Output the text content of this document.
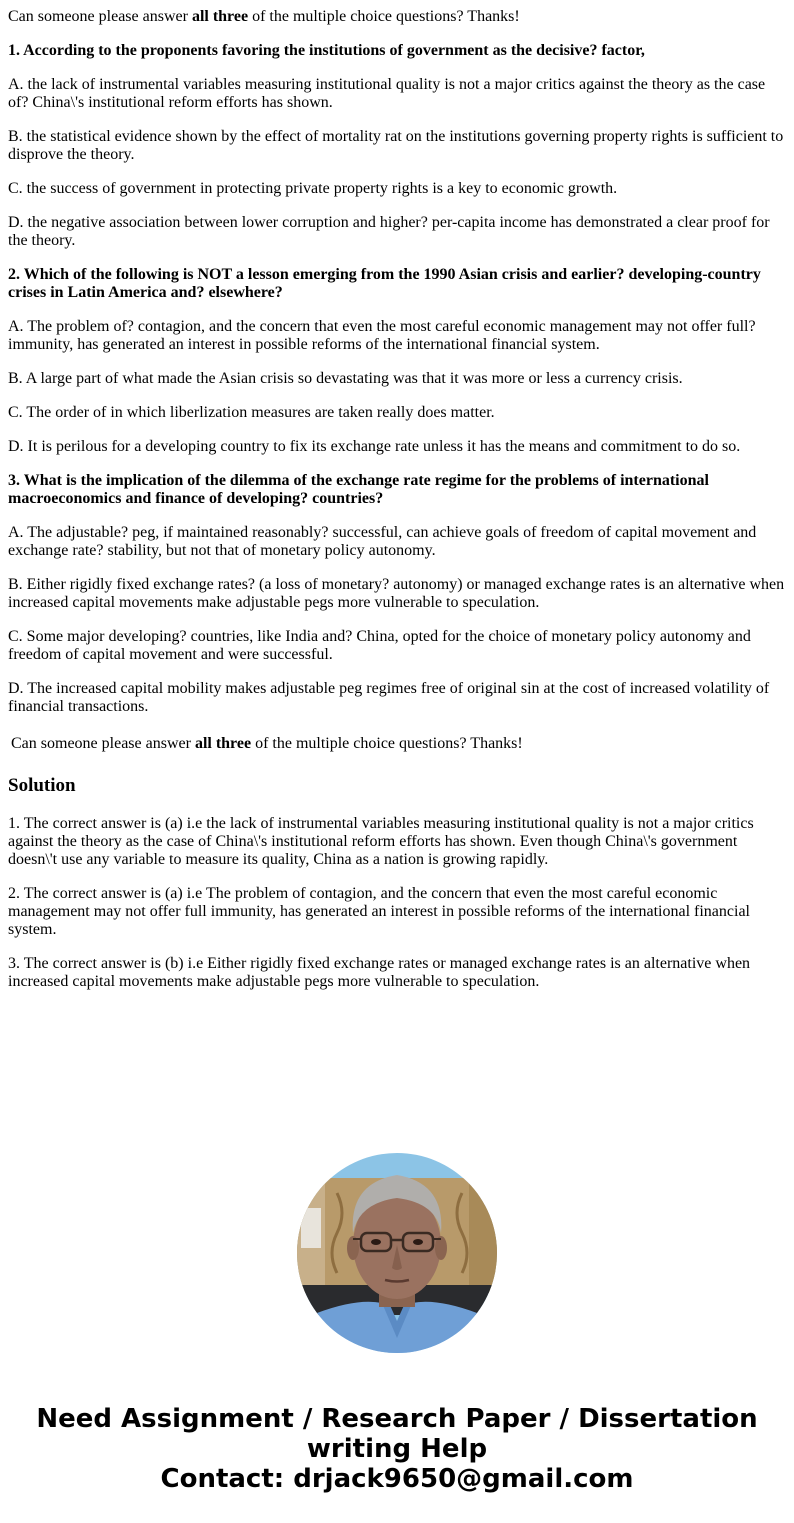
Can someone please answer all three of the multiple choice questions? Thanks!

1. According to the proponents favoring the institutions of government as the decisive? factor,

A. the lack of instrumental variables measuring institutional quality is not a major critics against the theory as the case of? China\'s institutional reform efforts has shown.

B. the statistical evidence shown by the effect of mortality rat on the institutions governing property rights is sufficient to disprove the theory.

C. the success of government in protecting private property rights is a key to economic growth.

D. the negative association between lower corruption and higher? per-capita income has demonstrated a clear proof for the theory.

2. Which of the following is NOT a lesson emerging from the 1990 Asian crisis and earlier? developing-country crises in Latin America and? elsewhere?

A. The problem of? contagion, and the concern that even the most careful economic management may not offer full? immunity, has generated an interest in possible reforms of the international financial system.

B. A large part of what made the Asian crisis so devastating was that it was more or less a currency crisis.

C. The order of in which liberlization measures are taken really does matter.

D. It is perilous for a developing country to fix its exchange rate unless it has the means and commitment to do so.

3. What is the implication of the dilemma of the exchange rate regime for the problems of international macroeconomics and finance of developing? countries?

A. The adjustable? peg, if maintained reasonably? successful, can achieve goals of freedom of capital movement and exchange rate? stability, but not that of monetary policy autonomy.

B. Either rigidly fixed exchange rates? (a loss of monetary? autonomy) or managed exchange rates is an alternative when increased capital movements make adjustable pegs more vulnerable to speculation.

C. Some major developing? countries, like India and? China, opted for the choice of monetary policy autonomy and freedom of capital movement and were successful.

D. The increased capital mobility makes adjustable peg regimes free of original sin at the cost of increased volatility of financial transactions.

Can someone please answer all three of the multiple choice questions? Thanks!

Solution

1. The correct answer is (a) i.e the lack of instrumental variables measuring institutional quality is not a major critics against the theory as the case of China\'s institutional reform efforts has shown. Even though China\'s government doesn\'t use any variable to measure its quality, China as a nation is growing rapidly.

2. The correct answer is (a) i.e The problem of contagion, and the concern that even the most careful economic management may not offer full immunity, has generated an interest in possible reforms of the international financial system.

3. The correct answer is (b) i.e Either rigidly fixed exchange rates or managed exchange rates is an alternative when increased capital movements make adjustable pegs more vulnerable to speculation.

Need Assignment / Research Paper / Dissertation
writing Help
Contact: drjack9650@gmail.com
